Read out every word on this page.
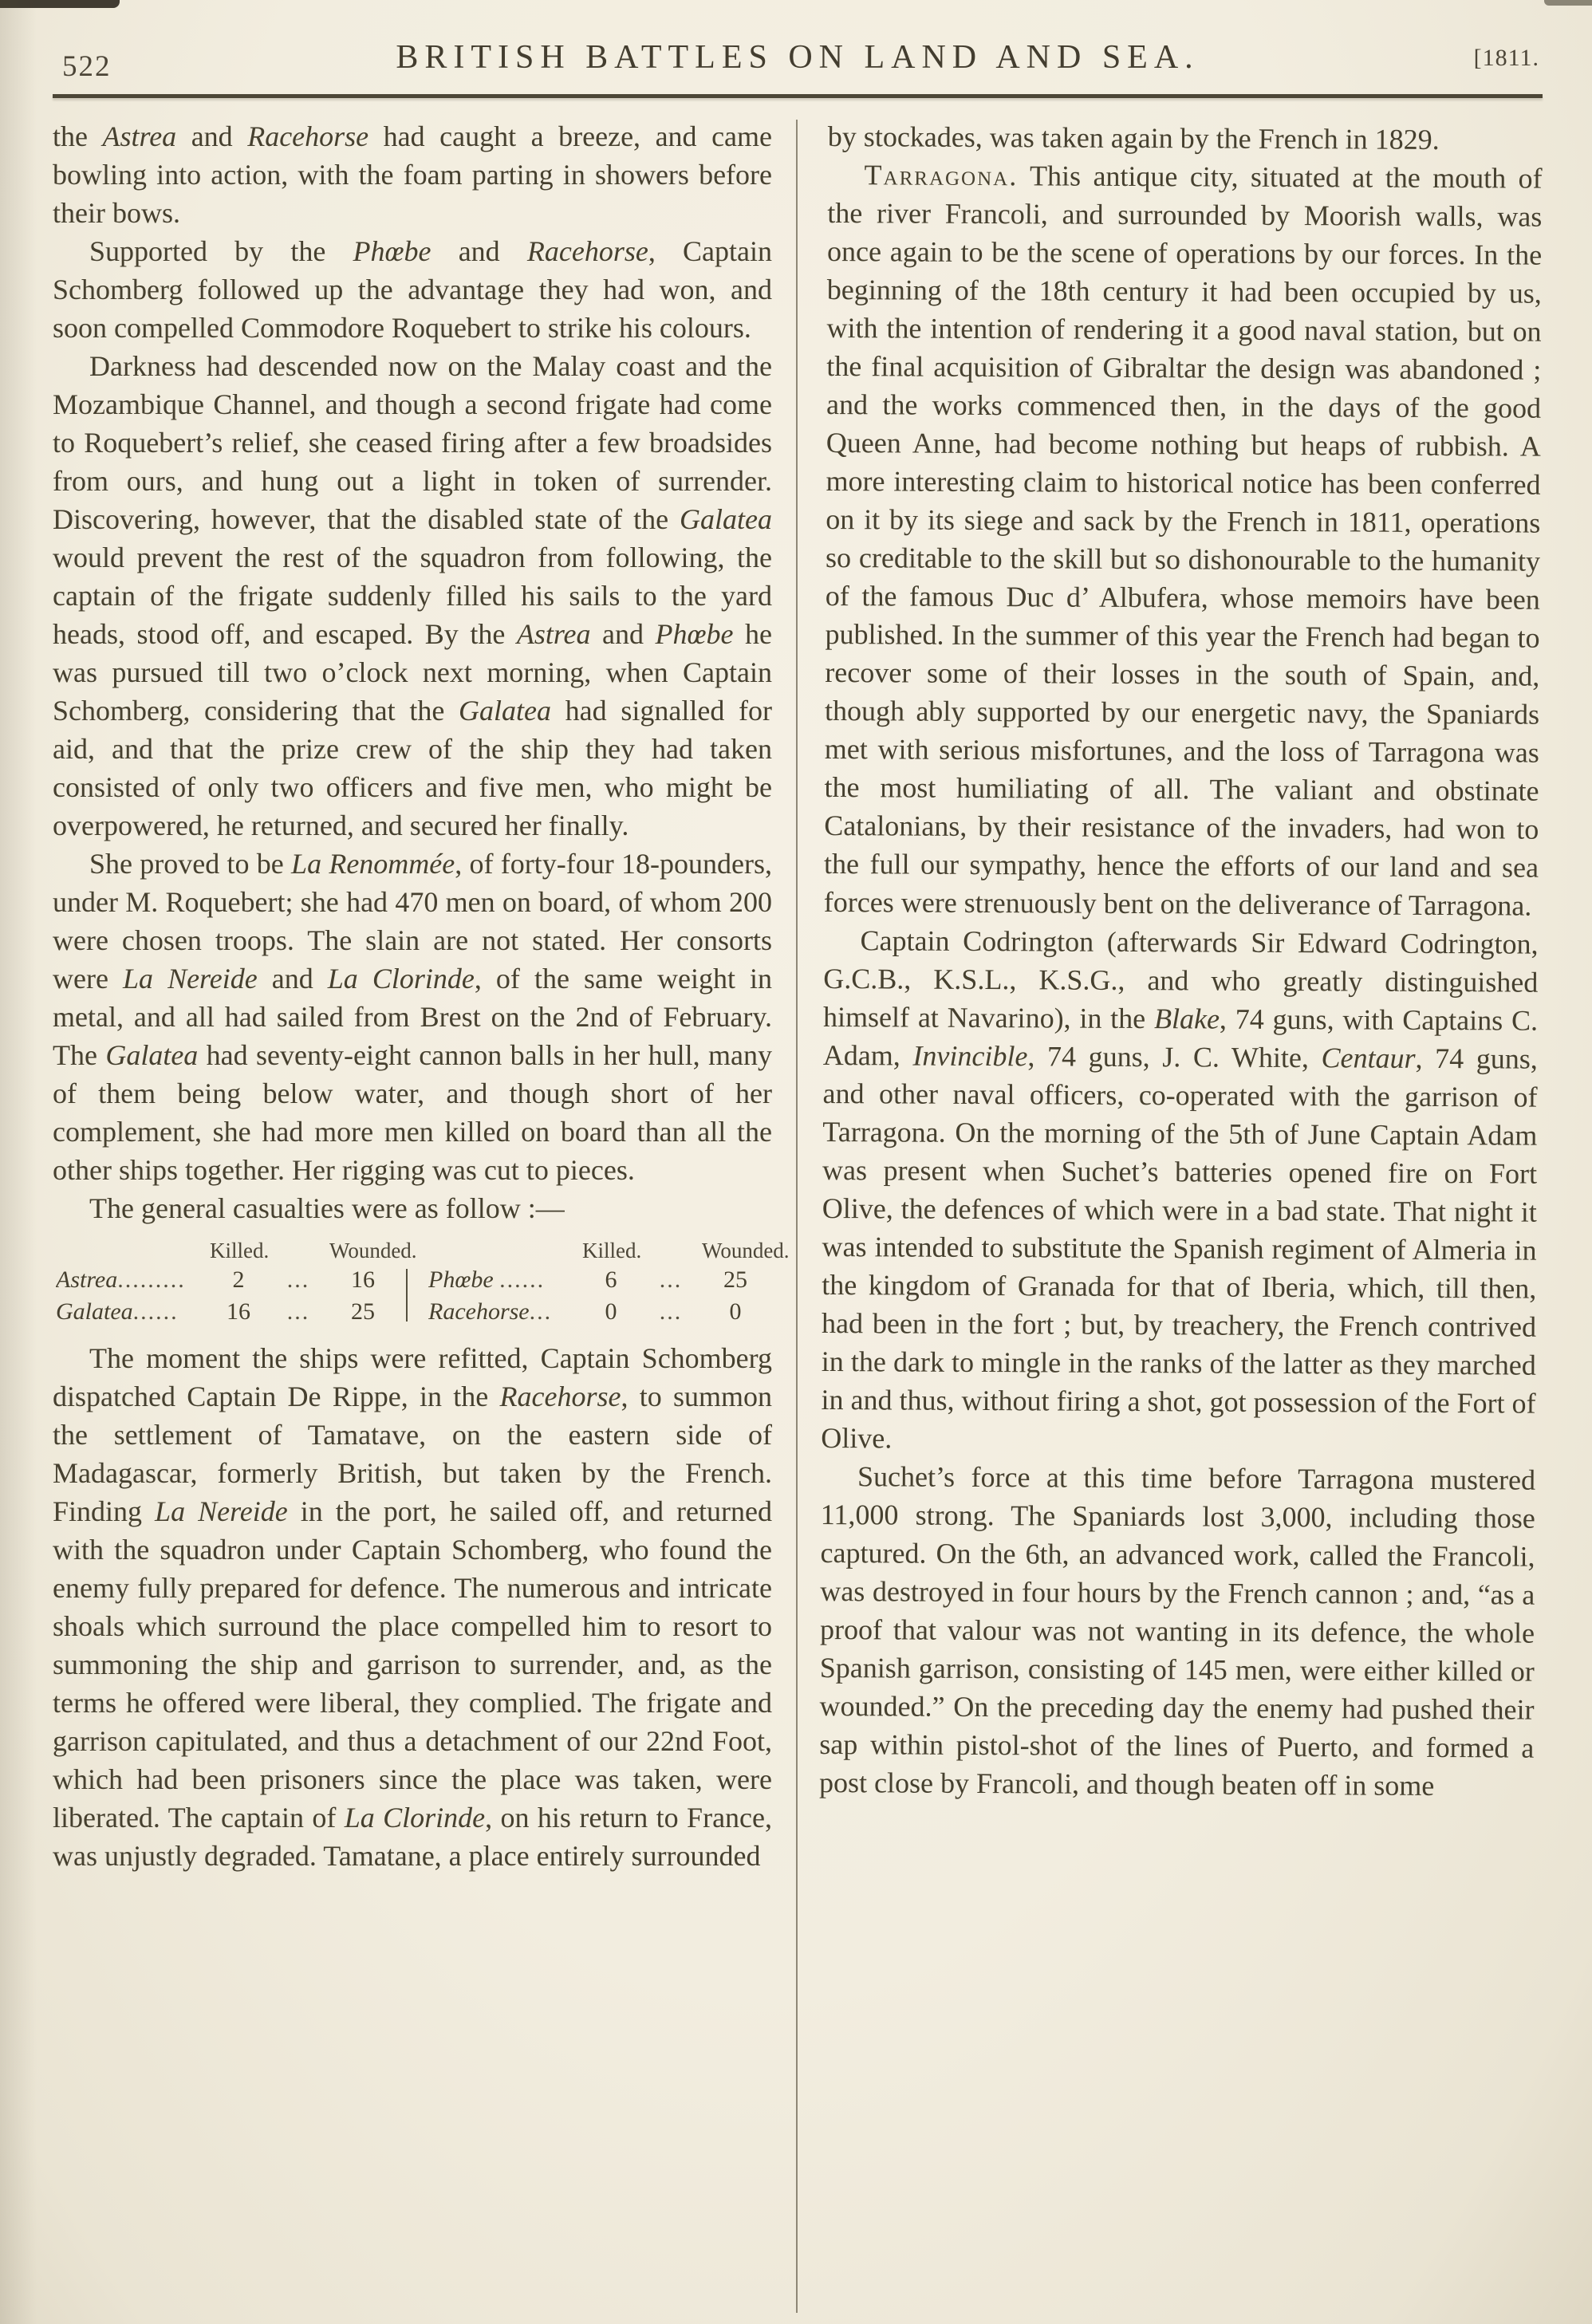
522	BRITISH BATTLES ON LAND AND SEA.	[1811.

the Astrea and Racehorse had caught a breeze, and came bowling into action, with the foam parting in showers before their bows.

Supported by the Phœbe and Racehorse, Captain Schomberg followed up the advantage they had won, and soon compelled Commodore Roquebert to strike his colours.

Darkness had descended now on the Malay coast and the Mozambique Channel, and though a second frigate had come to Roquebert’s relief, she ceased firing after a few broadsides from ours, and hung out a light in token of surrender. Discovering, however, that the disabled state of the Galatea would prevent the rest of the squadron from following, the captain of the frigate suddenly filled his sails to the yard heads, stood off, and escaped. By the Astrea and Phœbe he was pursued till two o’clock next morning, when Captain Schomberg, considering that the Galatea had signalled for aid, and that the prize crew of the ship they had taken consisted of only two officers and five men, who might be overpowered, he returned, and secured her finally.

She proved to be La Renommée, of forty-four 18-pounders, under M. Roquebert; she had 470 men on board, of whom 200 were chosen troops. The slain are not stated. Her consorts were La Nereide and La Clorinde, of the same weight in metal, and all had sailed from Brest on the 2nd of February. The Galatea had seventy-eight cannon balls in her hull, many of them being below water, and though short of her complement, she had more men killed on board than all the other ships together. Her rigging was cut to pieces.

The general casualties were as follow :—

Killed.	Wounded.
Astrea.........	2	...	16
Galatea......	16	...	25
Killed.	Wounded.
Phœbe ......	6	...	25
Racehorse...	0	...	0

The moment the ships were refitted, Captain Schomberg dispatched Captain De Rippe, in the Racehorse, to summon the settlement of Tamatave, on the eastern side of Madagascar, formerly British, but taken by the French. Finding La Nereide in the port, he sailed off, and returned with the squadron under Captain Schomberg, who found the enemy fully prepared for defence. The numerous and intricate shoals which surround the place compelled him to resort to summoning the ship and garrison to surrender, and, as the terms he offered were liberal, they complied. The frigate and garrison capitulated, and thus a detachment of our 22nd Foot, which had been prisoners since the place was taken, were liberated. The captain of La Clorinde, on his return to France, was unjustly degraded. Tamatane, a place entirely surrounded

by stockades, was taken again by the French in 1829.

Tarragona. This antique city, situated at the mouth of the river Francoli, and surrounded by Moorish walls, was once again to be the scene of operations by our forces. In the beginning of the 18th century it had been occupied by us, with the intention of rendering it a good naval station, but on the final acquisition of Gibraltar the design was abandoned ; and the works commenced then, in the days of the good Queen Anne, had become nothing but heaps of rubbish. A more interesting claim to historical notice has been conferred on it by its siege and sack by the French in 1811, operations so creditable to the skill but so dishonourable to the humanity of the famous Duc d’ Albufera, whose memoirs have been published. In the summer of this year the French had began to recover some of their losses in the south of Spain, and, though ably supported by our energetic navy, the Spaniards met with serious misfortunes, and the loss of Tarragona was the most humiliating of all. The valiant and obstinate Catalonians, by their resistance of the invaders, had won to the full our sympathy, hence the efforts of our land and sea forces were strenuously bent on the deliverance of Tarragona.

Captain Codrington (afterwards Sir Edward Codrington, G.C.B., K.S.L., K.S.G., and who greatly distinguished himself at Navarino), in the Blake, 74 guns, with Captains C. Adam, Invincible, 74 guns, J. C. White, Centaur, 74 guns, and other naval officers, co-operated with the garrison of Tarragona. On the morning of the 5th of June Captain Adam was present when Suchet’s batteries opened fire on Fort Olive, the defences of which were in a bad state. That night it was intended to substitute the Spanish regiment of Almeria in the kingdom of Granada for that of Iberia, which, till then, had been in the fort ; but, by treachery, the French contrived in the dark to mingle in the ranks of the latter as they marched in and thus, without firing a shot, got possession of the Fort of Olive.

Suchet’s force at this time before Tarragona mustered 11,000 strong. The Spaniards lost 3,000, including those captured. On the 6th, an advanced work, called the Francoli, was destroyed in four hours by the French cannon ; and, “as a proof that valour was not wanting in its defence, the whole Spanish garrison, consisting of 145 men, were either killed or wounded.” On the preceding day the enemy had pushed their sap within pistol-shot of the lines of Puerto, and formed a post close by Francoli, and though beaten off in some
